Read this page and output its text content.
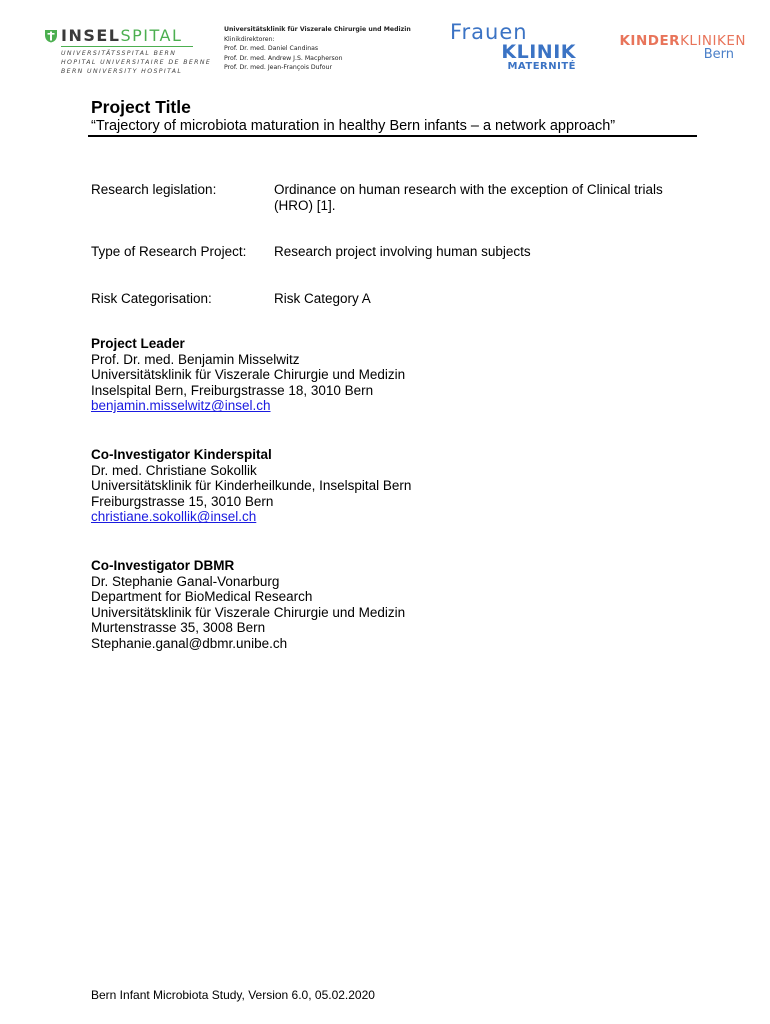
INSELSPITAL
UNIVERSITÄTSSPITAL BERN
HOPITAL UNIVERSITAIRE DE BERNE
BERN UNIVERSITY HOSPITAL
Universitätsklinik für Viszerale Chirurgie und Medizin
Klinikdirektoren:
Prof. Dr. med. Daniel Candinas
Prof. Dr. med. Andrew J.S. Macpherson
Prof. Dr. med. Jean-François Dufour
Frauen
KLINIK
MATERNITÉ
KINDERKLINIKEN
Bern
Project Title
“Trajectory of microbiota maturation in healthy Bern infants – a network approach”
Research legislation:	Ordinance on human research with the exception of Clinical trials (HRO) [1].
Type of Research Project: Research project involving human subjects
Risk Categorisation:	Risk Category A
Project Leader
Prof. Dr. med. Benjamin Misselwitz
Universitätsklinik für Viszerale Chirurgie und Medizin
Inselspital Bern, Freiburgstrasse 18, 3010 Bern
benjamin.misselwitz@insel.ch
Co-Investigator Kinderspital
Dr. med. Christiane Sokollik
Universitätsklinik für Kinderheilkunde, Inselspital Bern
Freiburgstrasse 15, 3010 Bern
christiane.sokollik@insel.ch
Co-Investigator DBMR
Dr. Stephanie Ganal-Vonarburg
Department for BioMedical Research
Universitätsklinik für Viszerale Chirurgie und Medizin
Murtenstrasse 35, 3008 Bern
Stephanie.ganal@dbmr.unibe.ch
Bern Infant Microbiota Study, Version 6.0, 05.02.2020
